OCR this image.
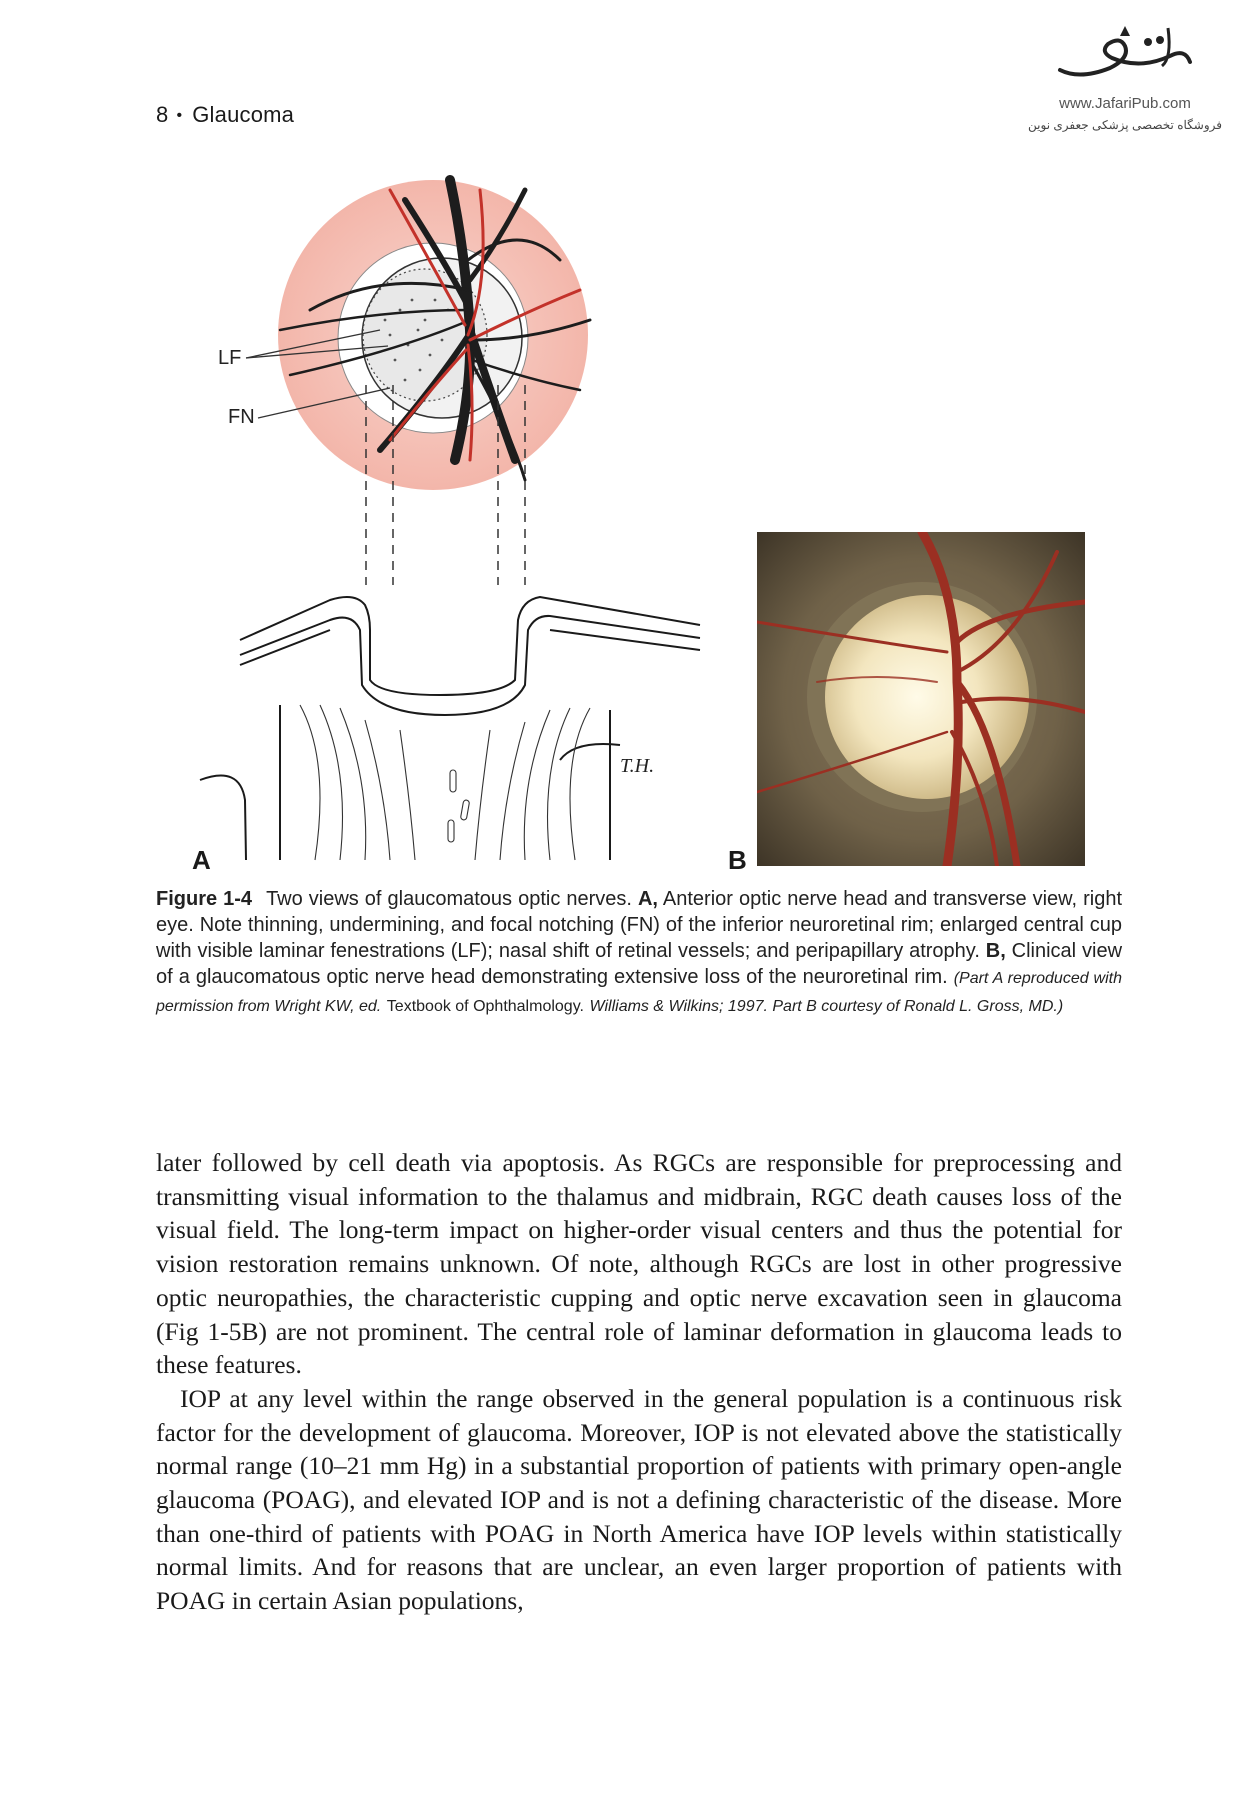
8 • Glaucoma	www.JafariPub.com
فروشگاه تخصصی پزشکی جعفری نوین
LF
FN
T.H.
A	B
Figure 1-4 Two views of glaucomatous optic nerves. A, Anterior optic nerve head and transverse view, right eye. Note thinning, undermining, and focal notching (FN) of the inferior neuroretinal rim; enlarged central cup with visible laminar fenestrations (LF); nasal shift of retinal vessels; and peripapillary atrophy. B, Clinical view of a glaucomatous optic nerve head demonstrating extensive loss of the neuroretinal rim. (Part A reproduced with permission from Wright KW, ed. Textbook of Ophthalmology. Williams & Wilkins; 1997. Part B courtesy of Ronald L. Gross, MD.)

later followed by cell death via apoptosis. As RGCs are responsible for preprocessing and transmitting visual information to the thalamus and midbrain, RGC death causes loss of the visual field. The long-term impact on higher-order visual centers and thus the potential for vision restoration remains unknown. Of note, although RGCs are lost in other progressive optic neuropathies, the characteristic cupping and optic nerve excavation seen in glaucoma (Fig 1-5B) are not prominent. The central role of laminar deformation in glaucoma leads to these features.

IOP at any level within the range observed in the general population is a continuous risk factor for the development of glaucoma. Moreover, IOP is not elevated above the statistically normal range (10–21 mm Hg) in a substantial proportion of patients with primary open-angle glaucoma (POAG), and elevated IOP and is not a defining characteristic of the disease. More than one-third of patients with POAG in North America have IOP levels within statistically normal limits. And for reasons that are unclear, an even larger proportion of patients with POAG in certain Asian populations,
